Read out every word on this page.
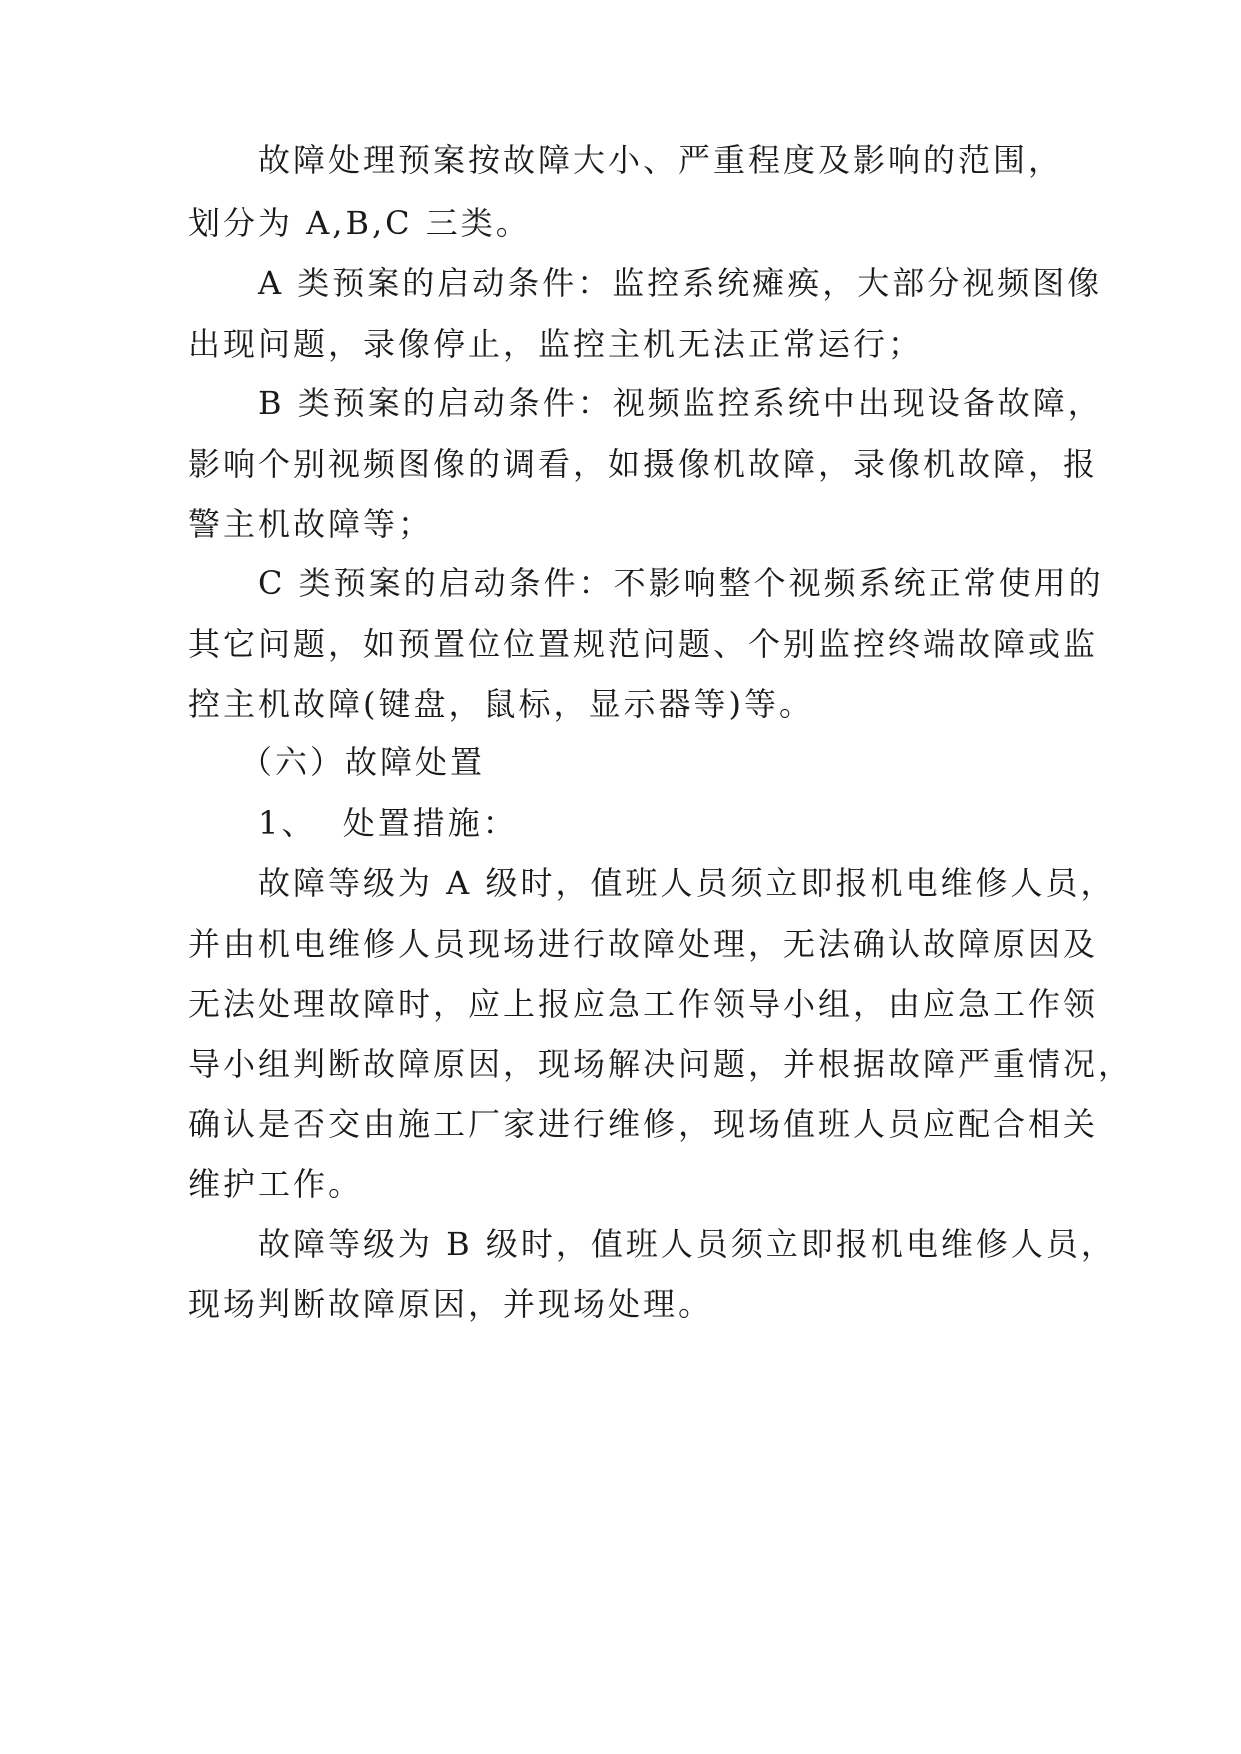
故障处理预案按故障大小、严重程度及影响的范围，
划分为 A,B,C 三类。
A 类预案的启动条件：监控系统瘫痪，大部分视频图像
出现问题，录像停止，监控主机无法正常运行；
B 类预案的启动条件：视频监控系统中出现设备故障，
影响个别视频图像的调看，如摄像机故障，录像机故障，报
警主机故障等；
C 类预案的启动条件：不影响整个视频系统正常使用的
其它问题，如预置位位置规范问题、个别监控终端故障或监
控主机故障(键盘，鼠标，显示器等)等。
（六）故障处置
1、  处置措施：
故障等级为 A 级时，值班人员须立即报机电维修人员，
并由机电维修人员现场进行故障处理，无法确认故障原因及
无法处理故障时，应上报应急工作领导小组，由应急工作领
导小组判断故障原因，现场解决问题，并根据故障严重情况，
确认是否交由施工厂家进行维修，现场值班人员应配合相关
维护工作。
故障等级为 B 级时，值班人员须立即报机电维修人员，
现场判断故障原因，并现场处理。
